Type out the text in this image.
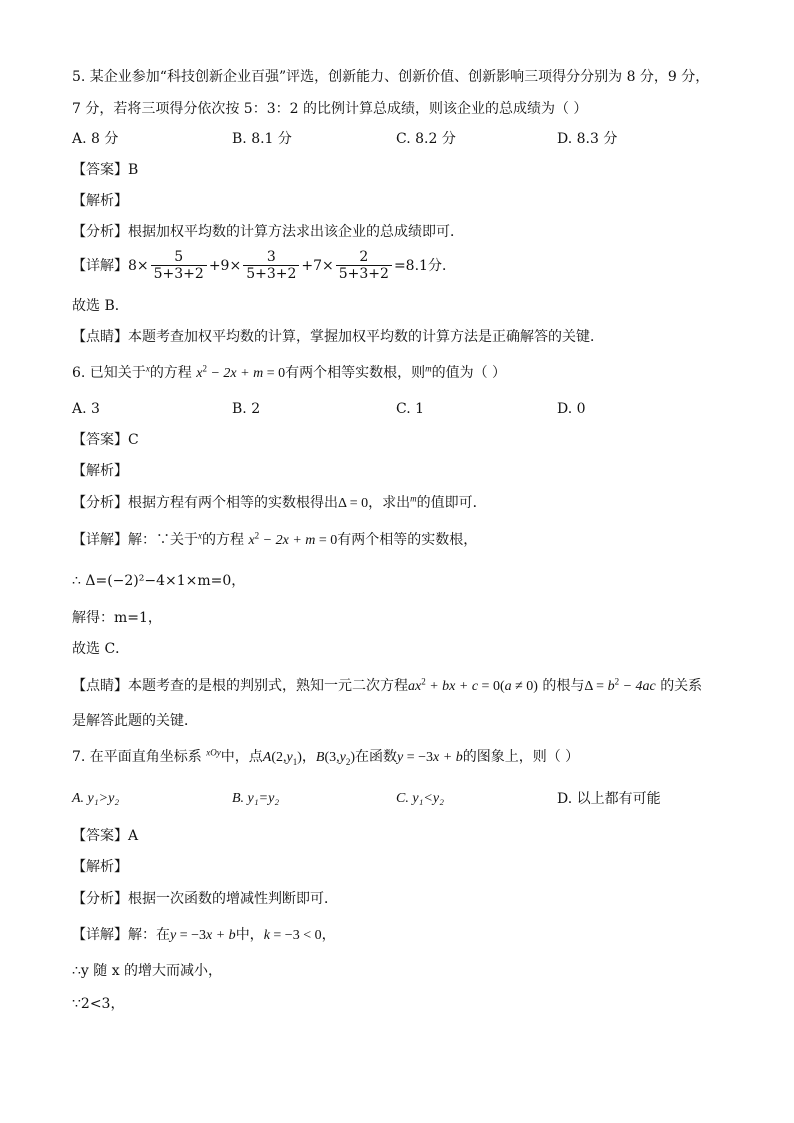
5. 某企业参加“科技创新企业百强”评选，创新能力、创新价值、创新影响三项得分分别为 8 分，9 分，
7 分，若将三项得分依次按 5：3：2 的比例计算总成绩，则该企业的总成绩为（ ）
A. 8 分	B. 8.1 分	C. 8.2 分	D. 8.3 分
【答案】B
【解析】
【分析】根据加权平均数的计算方法求出该企业的总成绩即可．
【详解】 $8\times \frac{5}{5+3+2} +9\times \frac{3}{5+3+2} +7\times \frac{2}{5+3+2} =8.1$分．
故选 B．
【点睛】本题考查加权平均数的计算，掌握加权平均数的计算方法是正确解答的关键．
6. 已知关于$^x$的方程 $x^2 - 2x + m = 0$有两个相等实数根，则$^m$的值为（ ）
A. 3	B. 2	C. 1	D. 0
【答案】C
【解析】
【分析】根据方程有两个相等的实数根得出Δ = 0，求出$^m$的值即可．
【详解】解：∵关于$^x$的方程 $x^2 - 2x + m = 0$有两个相等的实数根，
∴ Δ=(−2)²−4×1×m=0，
解得：m=1，
故选 C．
【点睛】本题考查的是根的判别式，熟知一元二次方程$ax^2$ + bx + c = 0(a ≠ 0) 的根与$\Delta = b^2 - 4ac$ 的关系
是解答此题的关键．
7. 在平面直角坐标系 $^{xOy}$中，点$A(2,y_1)$，$B(3,y_2)$在函数y = −3x + b的图象上，则（ ）
A. y₁>y₂	B. y₁=y₂	C. y₁<y₂	D. 以上都有可能
【答案】A
【解析】
【分析】根据一次函数的增减性判断即可．
【详解】解：在y = −3x + b中，k = −3 < 0，
∴y 随 x 的增大而减小，
∵2<3，
